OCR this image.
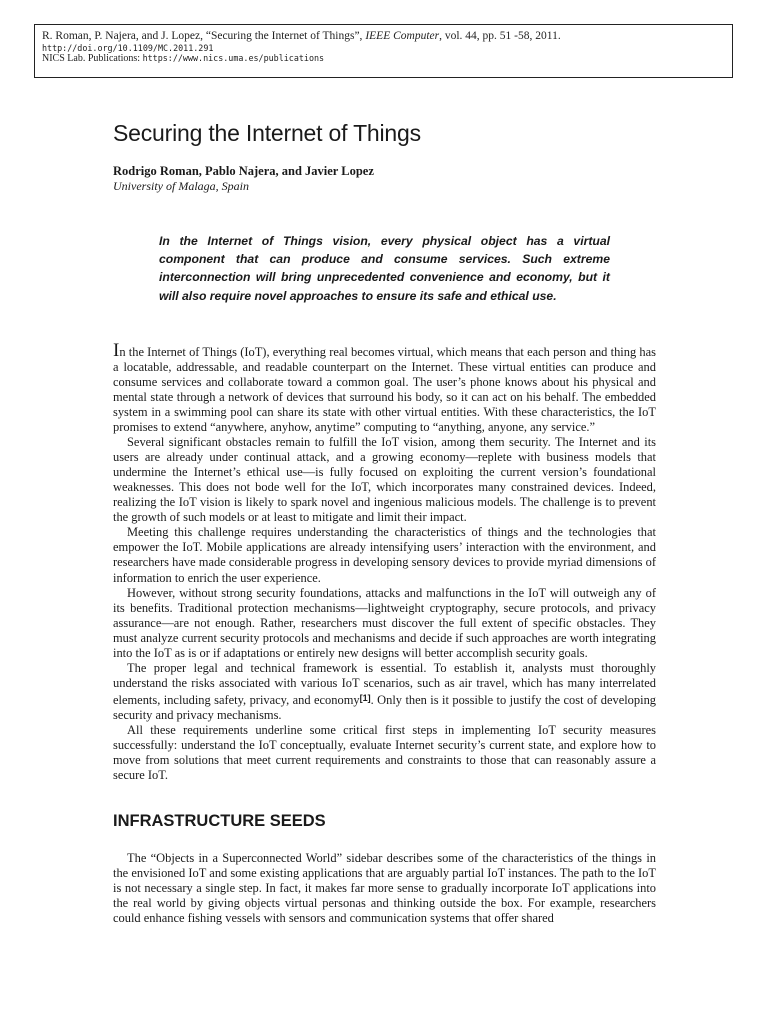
R. Roman, P. Najera, and J. Lopez, “Securing the Internet of Things”, IEEE Computer, vol. 44, pp. 51 -58, 2011.
http://doi.org/10.1109/MC.2011.291
NICS Lab. Publications: https://www.nics.uma.es/publications
Securing the Internet of Things
Rodrigo Roman, Pablo Najera, and Javier Lopez
University of Malaga, Spain
In the Internet of Things vision, every physical object has a virtual component that can produce and consume services. Such extreme interconnection will bring unprecedented convenience and economy, but it will also require novel approaches to ensure its safe and ethical use.

In the Internet of Things (IoT), everything real becomes virtual, which means that each person and thing has a locatable, addressable, and readable counterpart on the Internet. These virtual entities can produce and consume services and collaborate toward a common goal. The user’s phone knows about his physical and mental state through a network of devices that surround his body, so it can act on his behalf. The embedded system in a swimming pool can share its state with other virtual entities. With these characteristics, the IoT promises to extend “anywhere, anyhow, anytime” computing to “anything, anyone, any service.”

Several significant obstacles remain to fulfill the IoT vision, among them security. The Internet and its users are already under continual attack, and a growing economy—replete with business models that undermine the Internet’s ethical use—is fully focused on exploiting the current version’s foundational weaknesses. This does not bode well for the IoT, which incorporates many constrained devices. Indeed, realizing the IoT vision is likely to spark novel and ingenious malicious models. The challenge is to prevent the growth of such models or at least to mitigate and limit their impact.

Meeting this challenge requires understanding the characteristics of things and the technologies that empower the IoT. Mobile applications are already intensifying users’ interaction with the environment, and researchers have made considerable progress in developing sensory devices to provide myriad dimensions of information to enrich the user experience.

However, without strong security foundations, attacks and malfunctions in the IoT will outweigh any of its benefits. Traditional protection mechanisms—lightweight cryptography, secure protocols, and privacy assurance—are not enough. Rather, researchers must discover the full extent of specific obstacles. They must analyze current security protocols and mechanisms and decide if such approaches are worth integrating into the IoT as is or if adaptations or entirely new designs will better accomplish security goals.

The proper legal and technical framework is essential. To establish it, analysts must thoroughly understand the risks associated with various IoT scenarios, such as air travel, which has many interrelated elements, including safety, privacy, and economy[1]. Only then is it possible to justify the cost of developing security and privacy mechanisms.

All these requirements underline some critical first steps in implementing IoT security measures successfully: understand the IoT conceptually, evaluate Internet security’s current state, and explore how to move from solutions that meet current requirements and constraints to those that can reasonably assure a secure IoT.

INFRASTRUCTURE SEEDS

The “Objects in a Superconnected World” sidebar describes some of the characteristics of the things in the envisioned IoT and some existing applications that are arguably partial IoT instances. The path to the IoT is not necessary a single step. In fact, it makes far more sense to gradually incorporate IoT applications into the real world by giving objects virtual personas and thinking outside the box. For example, researchers could enhance fishing vessels with sensors and communication systems that offer shared
